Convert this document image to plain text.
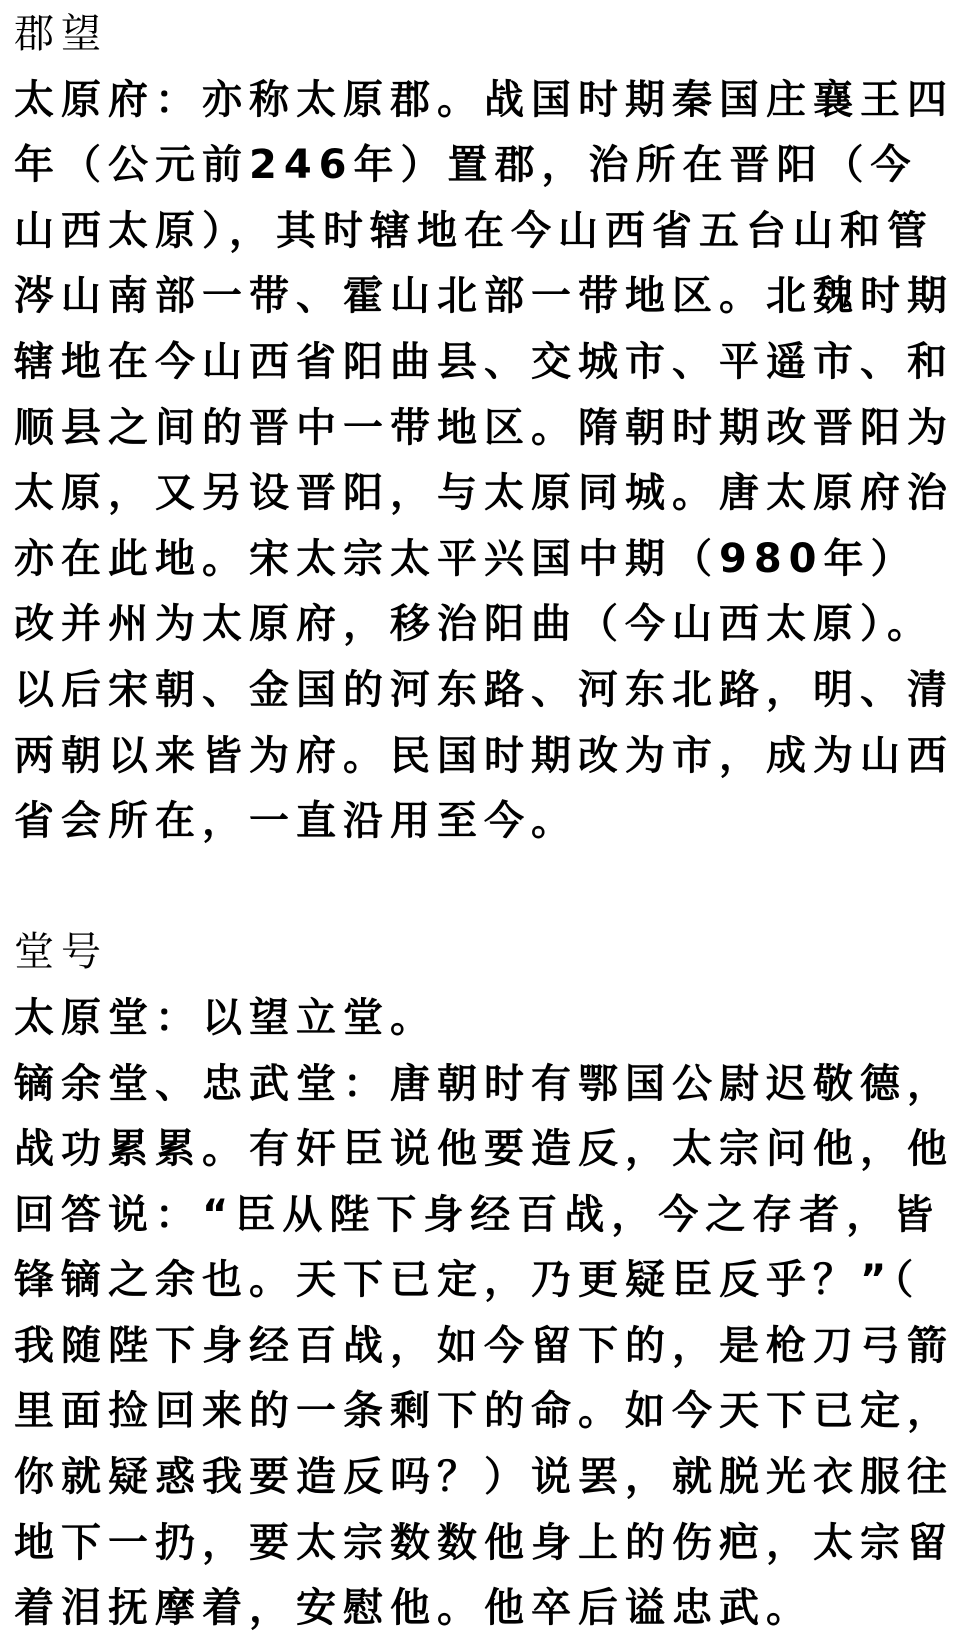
郡望
太原府：亦称太原郡。战国时期秦国庄襄王四
年（公元前246年）置郡，治所在晋阳（今
山西太原），其时辖地在今山西省五台山和管
涔山南部一带、霍山北部一带地区。北魏时期
辖地在今山西省阳曲县、交城市、平遥市、和
顺县之间的晋中一带地区。隋朝时期改晋阳为
太原，又另设晋阳，与太原同城。唐太原府治
亦在此地。宋太宗太平兴国中期（980年）
改并州为太原府，移治阳曲（今山西太原）。
以后宋朝、金国的河东路、河东北路，明、清
两朝以来皆为府。民国时期改为市，成为山西
省会所在，一直沿用至今。
堂号
太原堂：以望立堂。
镝余堂、忠武堂：唐朝时有鄂国公尉迟敬德，
战功累累。有奸臣说他要造反，太宗问他，他
回答说：“臣从陛下身经百战，今之存者，皆
锋镝之余也。天下已定，乃更疑臣反乎？”（
我随陛下身经百战，如今留下的，是枪刀弓箭
里面捡回来的一条剩下的命。如今天下已定，
你就疑惑我要造反吗？）说罢，就脱光衣服往
地下一扔，要太宗数数他身上的伤疤，太宗留
着泪抚摩着，安慰他。他卒后谥忠武。
